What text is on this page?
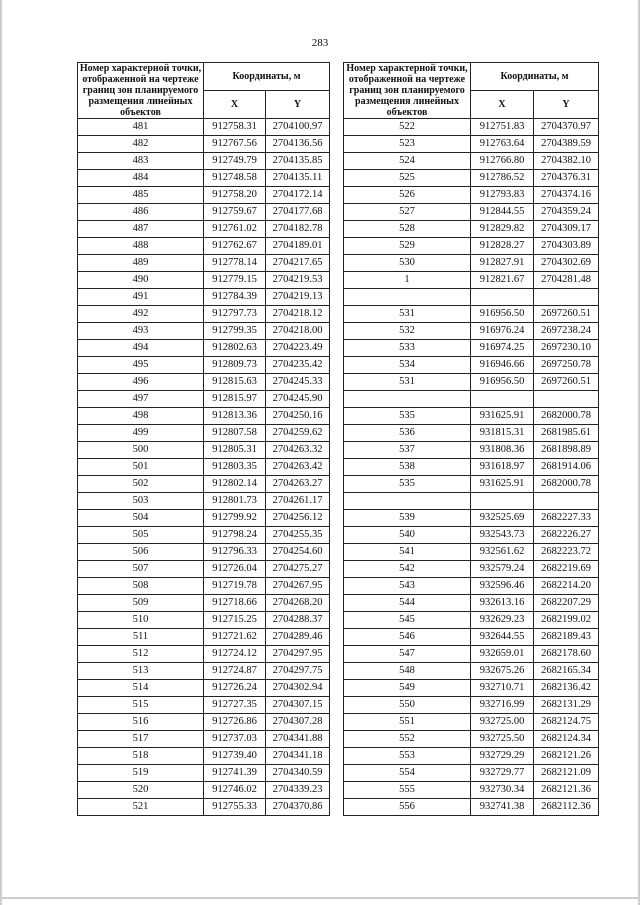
283
Номер характерной точки, отображенной на чертеже границ зон планируемого размещения линейных объектов	Координаты, м	
	X	Y
481	912758.31	2704100.97
482	912767.56	2704136.56
483	912749.79	2704135.85
484	912748.58	2704135.11
485	912758.20	2704172.14
486	912759.67	2704177.68
487	912761.02	2704182.78
488	912762.67	2704189.01
489	912778.14	2704217.65
490	912779.15	2704219.53
491	912784.39	2704219.13
492	912797.73	2704218.12
493	912799.35	2704218.00
494	912802.63	2704223.49
495	912809.73	2704235.42
496	912815.63	2704245.33
497	912815.97	2704245.90
498	912813.36	2704250.16
499	912807.58	2704259.62
500	912805.31	2704263.32
501	912803.35	2704263.42
502	912802.14	2704263.27
503	912801.73	2704261.17
504	912799.92	2704256.12
505	912798.24	2704255.35
506	912796.33	2704254.60
507	912726.04	2704275.27
508	912719.78	2704267.95
509	912718.66	2704268.20
510	912715.25	2704288.37
511	912721.62	2704289.46
512	912724.12	2704297.95
513	912724.87	2704297.75
514	912726.24	2704302.94
515	912727.35	2704307.15
516	912726.86	2704307.28
517	912737.03	2704341.88
518	912739.40	2704341.18
519	912741.39	2704340.59
520	912746.02	2704339.23
521	912755.33	2704370.86
Номер характерной точки, отображенной на чертеже границ зон планируемого размещения линейных объектов	Координаты, м	
	X	Y
522	912751.83	2704370.97
523	912763.64	2704389.59
524	912766.80	2704382.10
525	912786.52	2704376.31
526	912793.83	2704374.16
527	912844.55	2704359.24
528	912829.82	2704309.17
529	912828.27	2704303.89
530	912827.91	2704302.69
1	912821.67	2704281.48

531	916956.50	2697260.51
532	916976.24	2697238.24
533	916974.25	2697230.10
534	916946.66	2697250.78
531	916956.50	2697260.51

535	931625.91	2682000.78
536	931815.31	2681985.61
537	931808.36	2681898.89
538	931618.97	2681914.06
535	931625.91	2682000.78

539	932525.69	2682227.33
540	932543.73	2682226.27
541	932561.62	2682223.72
542	932579.24	2682219.69
543	932596.46	2682214.20
544	932613.16	2682207.29
545	932629.23	2682199.02
546	932644.55	2682189.43
547	932659.01	2682178.60
548	932675.26	2682165.34
549	932710.71	2682136.42
550	932716.99	2682131.29
551	932725.00	2682124.75
552	932725.50	2682124.34
553	932729.29	2682121.26
554	932729.77	2682121.09
555	932730.34	2682121.36
556	932741.38	2682112.36
